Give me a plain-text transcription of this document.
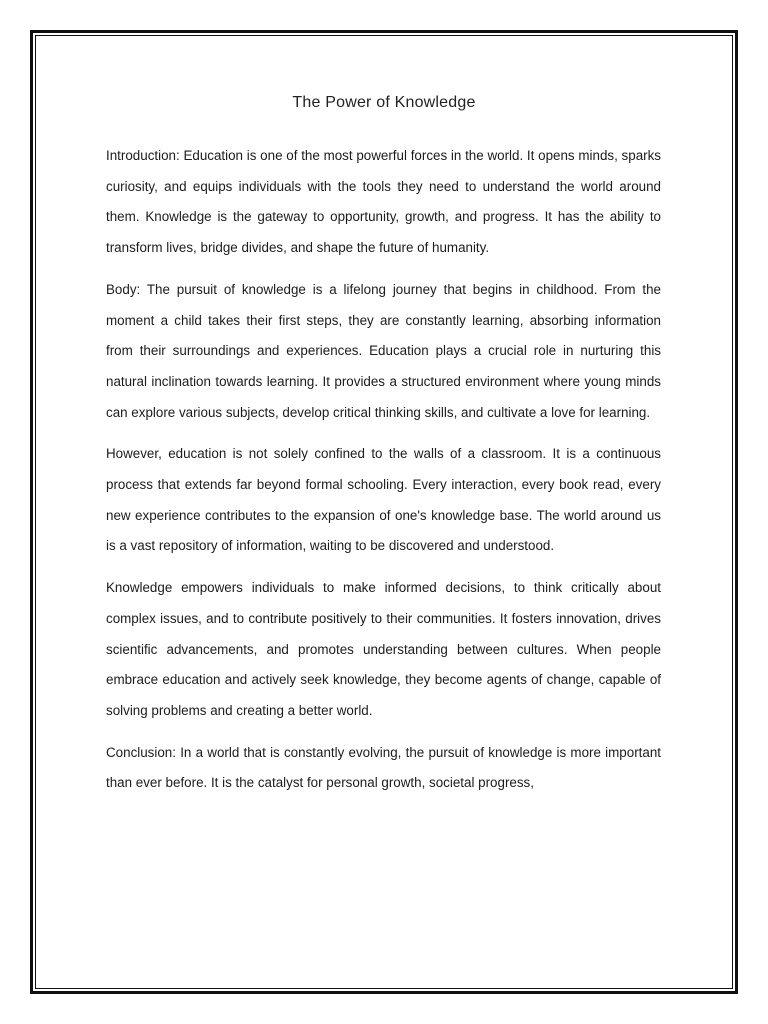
The Power of Knowledge

Introduction: Education is one of the most powerful forces in the world. It opens minds, sparks curiosity, and equips individuals with the tools they need to understand the world around them. Knowledge is the gateway to opportunity, growth, and progress. It has the ability to transform lives, bridge divides, and shape the future of humanity.

Body: The pursuit of knowledge is a lifelong journey that begins in childhood. From the moment a child takes their first steps, they are constantly learning, absorbing information from their surroundings and experiences. Education plays a crucial role in nurturing this natural inclination towards learning. It provides a structured environment where young minds can explore various subjects, develop critical thinking skills, and cultivate a love for learning.

However, education is not solely confined to the walls of a classroom. It is a continuous process that extends far beyond formal schooling. Every interaction, every book read, every new experience contributes to the expansion of one's knowledge base. The world around us is a vast repository of information, waiting to be discovered and understood.

Knowledge empowers individuals to make informed decisions, to think critically about complex issues, and to contribute positively to their communities. It fosters innovation, drives scientific advancements, and promotes understanding between cultures. When people embrace education and actively seek knowledge, they become agents of change, capable of solving problems and creating a better world.

Conclusion: In a world that is constantly evolving, the pursuit of knowledge is more important than ever before. It is the catalyst for personal growth, societal progress,
